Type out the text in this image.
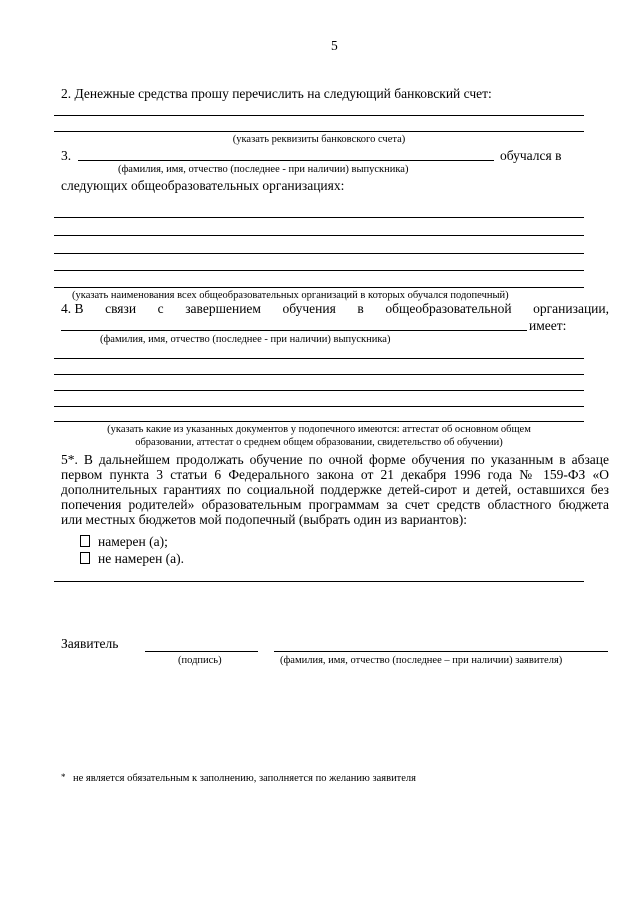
5
2. Денежные средства прошу перечислить на следующий банковский счет:
(указать реквизиты банковского счета)
3.	обучался в
(фамилия, имя, отчество (последнее - при наличии) выпускника)
следующих общеобразовательных организациях:
(указать наименования всех общеобразовательных организаций в которых обучался подопечный)
4. В связи с завершением обучения в общеобразовательной организации,
имеет:
(фамилия, имя, отчество (последнее - при наличии) выпускника)
(указать какие из указанных документов у подопечного имеются: аттестат об основном общем
образовании, аттестат о среднем общем образовании, свидетельство об обучении)
5*. В дальнейшем продолжать обучение по очной форме обучения по указанным в абзаце
первом пункта 3 статьи 6 Федерального закона от 21 декабря 1996 года № 159-ФЗ «О
дополнительных гарантиях по социальной поддержке детей-сирот и детей, оставшихся без
попечения родителей» образовательным программам за счет средств областного бюджета
или местных бюджетов мой подопечный (выбрать один из вариантов):
намерен (а);
не намерен (а).
Заявитель
(подпись)	(фамилия, имя, отчество (последнее – при наличии) заявителя)
* не является обязательным к заполнению, заполняется по желанию заявителя
